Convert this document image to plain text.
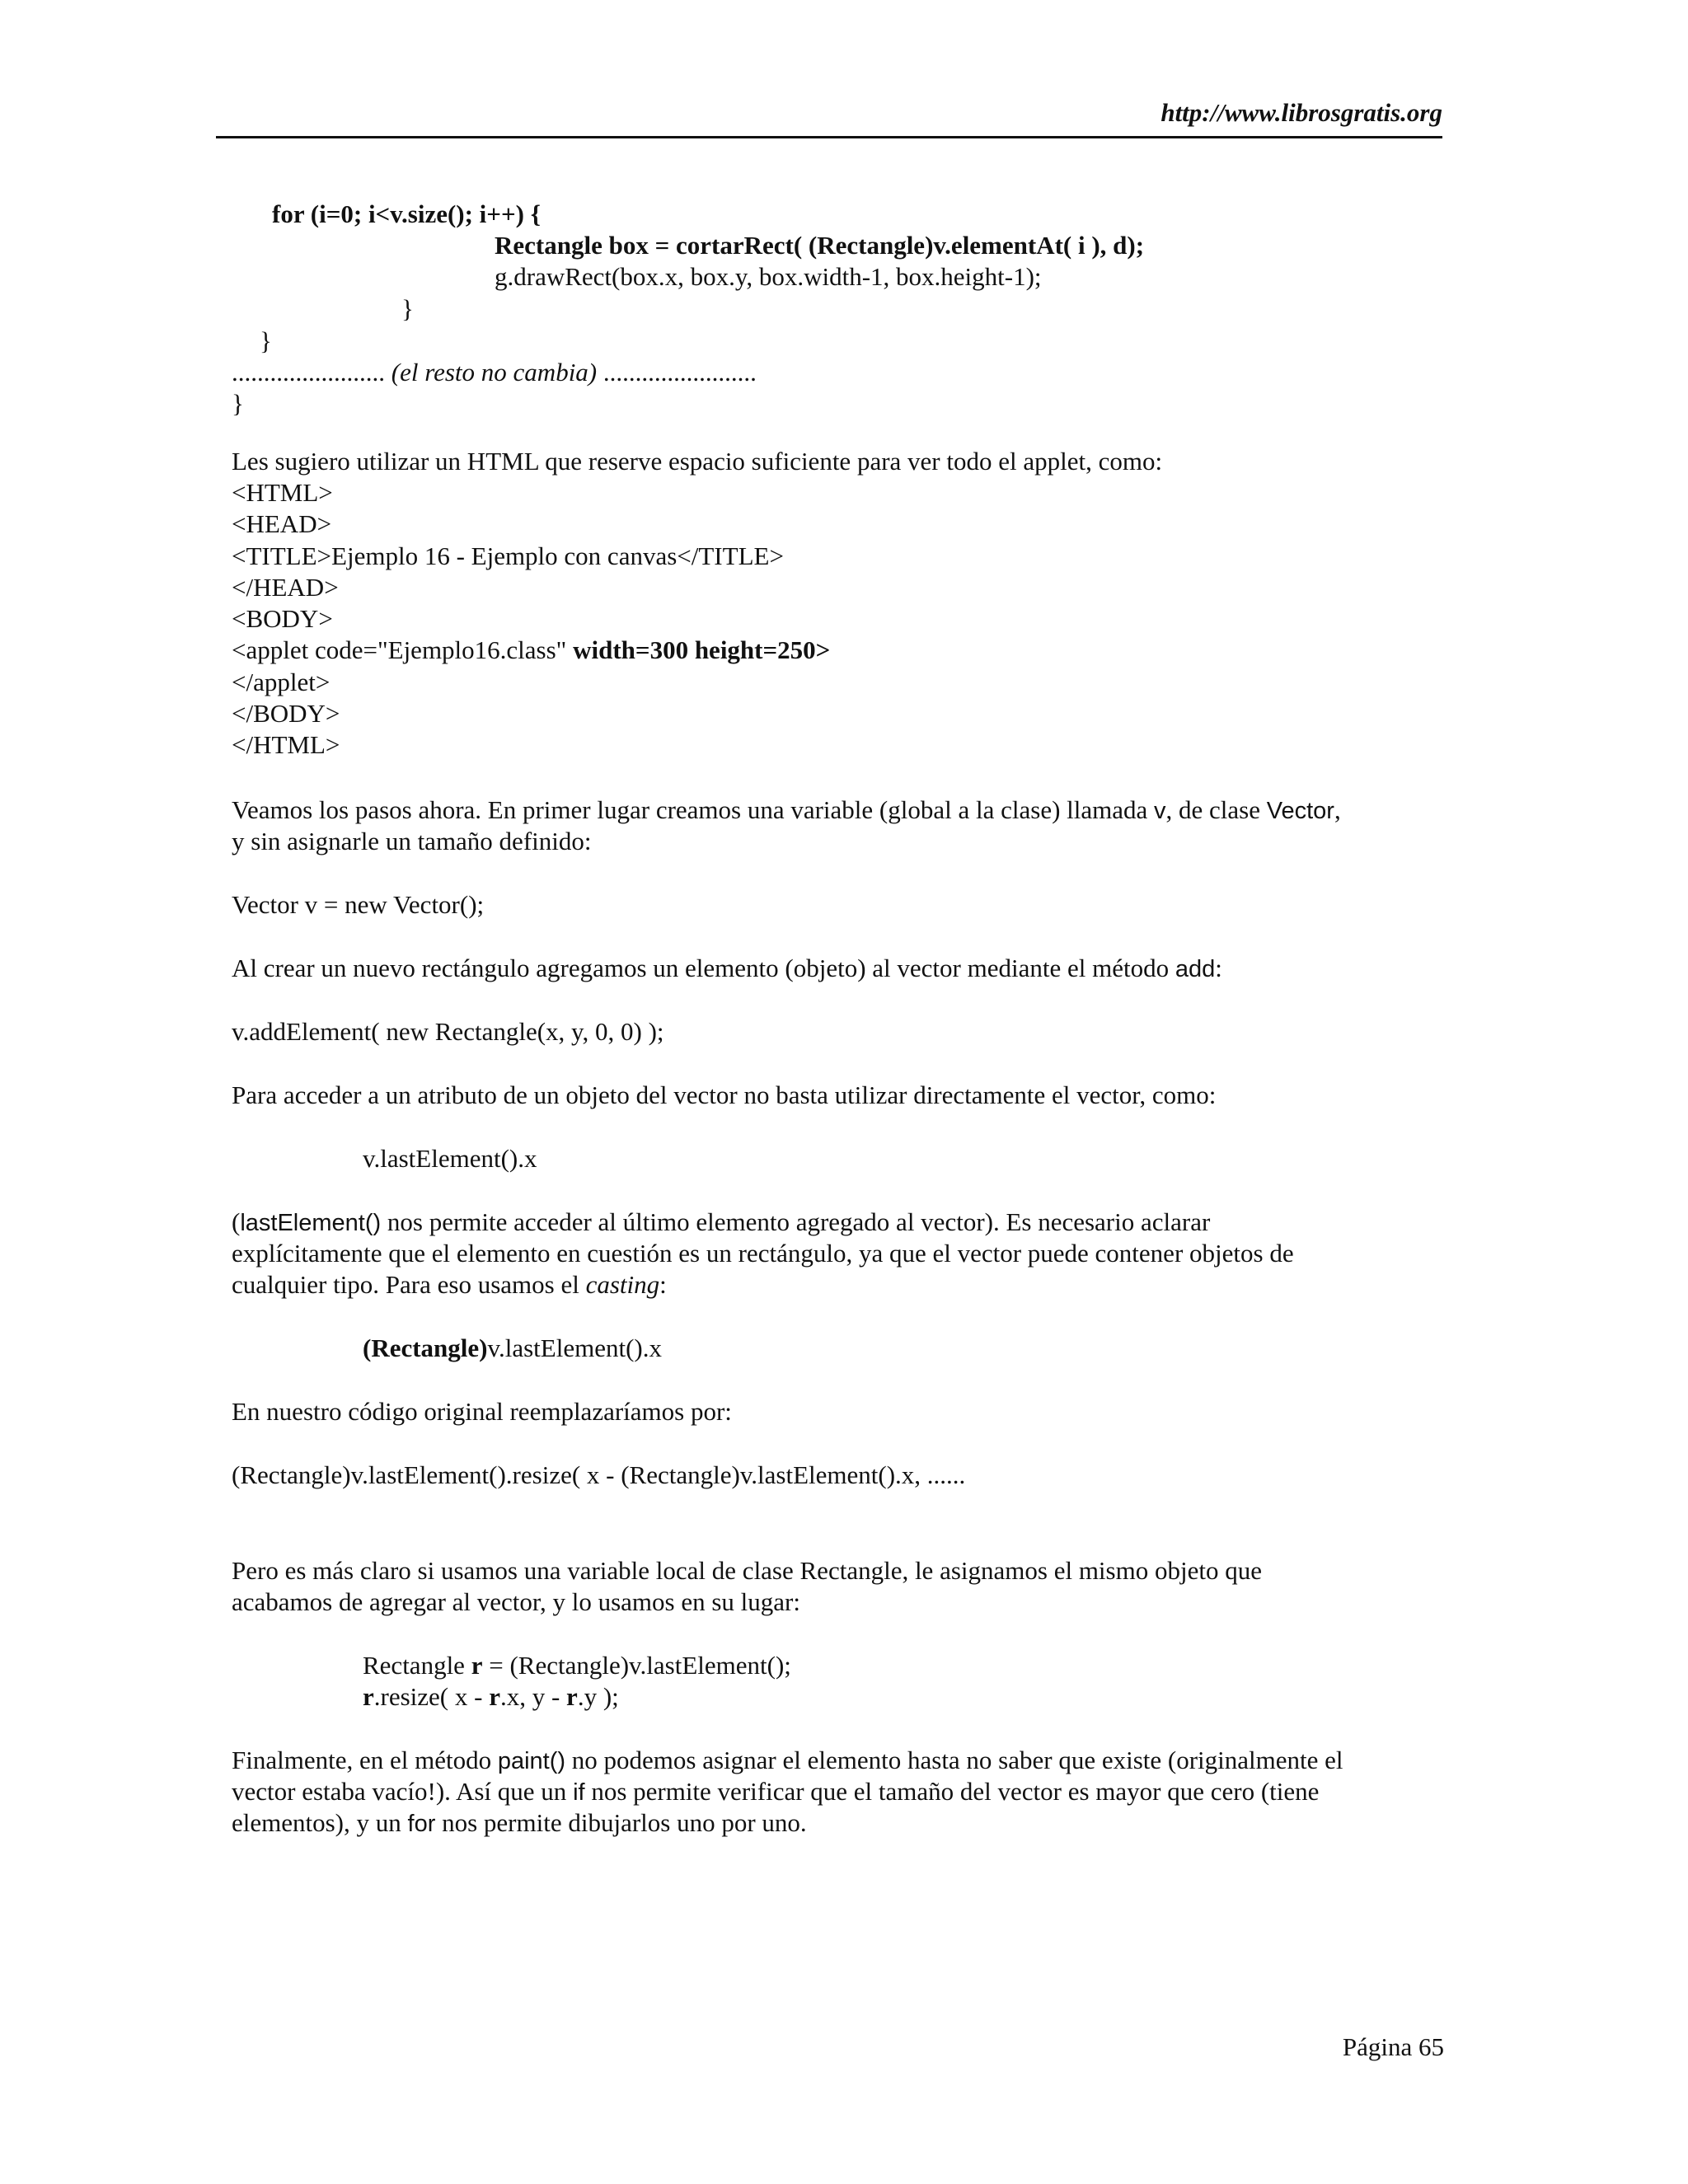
http://www.librosgratis.org
for (i=0; i<v.size(); i++) {
Rectangle box = cortarRect( (Rectangle)v.elementAt( i ), d);
g.drawRect(box.x, box.y, box.width-1, box.height-1);
}
}
........................ (el resto no cambia) ........................
}
Les sugiero utilizar un HTML que reserve espacio suficiente para ver todo el applet, como:
<HTML>
<HEAD>
<TITLE>Ejemplo 16 - Ejemplo con canvas</TITLE>
</HEAD>
<BODY>
<applet code="Ejemplo16.class" width=300 height=250>
</applet>
</BODY>
</HTML>
Veamos los pasos ahora. En primer lugar creamos una variable (global a la clase) llamada v, de clase Vector,
y sin asignarle un tamaño definido:
Vector v = new Vector();
Al crear un nuevo rectángulo agregamos un elemento (objeto) al vector mediante el método add:
v.addElement( new Rectangle(x, y, 0, 0) );
Para acceder a un atributo de un objeto del vector no basta utilizar directamente el vector, como:
v.lastElement().x
(lastElement() nos permite acceder al último elemento agregado al vector). Es necesario aclarar
explícitamente que el elemento en cuestión es un rectángulo, ya que el vector puede contener objetos de
cualquier tipo. Para eso usamos el casting:
(Rectangle)v.lastElement().x
En nuestro código original reemplazaríamos por:
(Rectangle)v.lastElement().resize( x - (Rectangle)v.lastElement().x, ......
Pero es más claro si usamos una variable local de clase Rectangle, le asignamos el mismo objeto que
acabamos de agregar al vector, y lo usamos en su lugar:
Rectangle r = (Rectangle)v.lastElement();
r.resize( x - r.x, y - r.y );
Finalmente, en el método paint() no podemos asignar el elemento hasta no saber que existe (originalmente el
vector estaba vacío!). Así que un if nos permite verificar que el tamaño del vector es mayor que cero (tiene
elementos), y un for nos permite dibujarlos uno por uno.
Página 65
